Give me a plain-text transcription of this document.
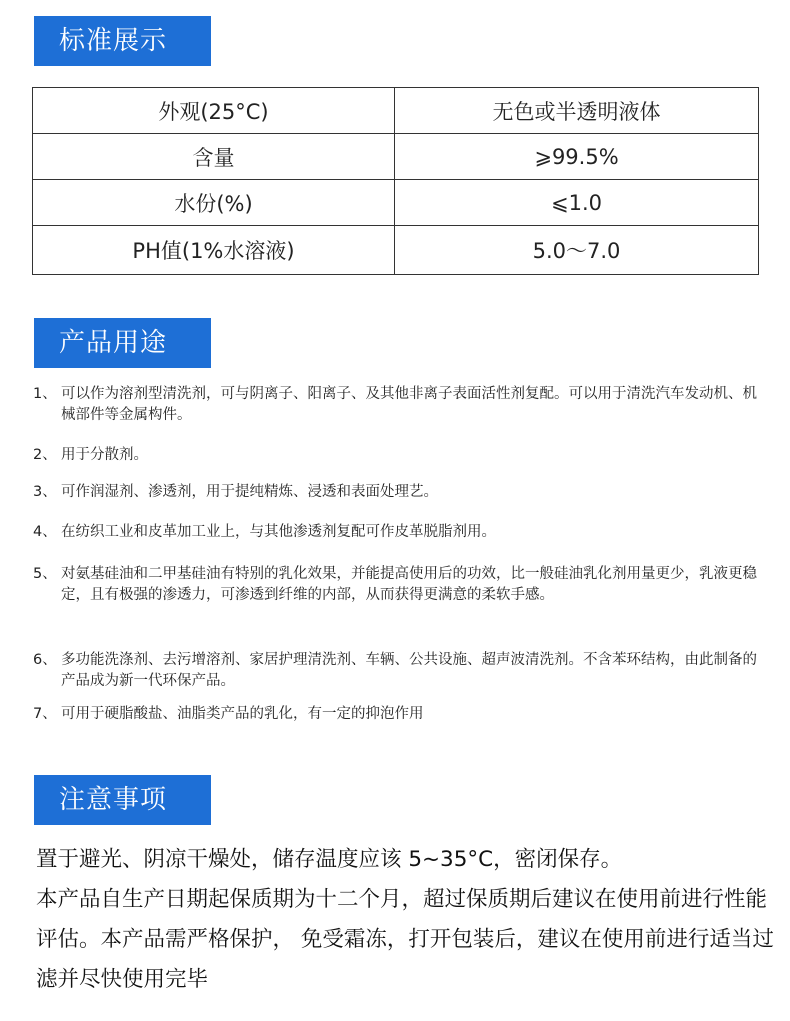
标准展示
外观(25°C)	无色或半透明液体
含量	⩾99.5%
水份(%)	⩽1.0
PH值(1%水溶液)	5.0～7.0
产品用途
1、 可以作为溶剂型清洗剂，可与阴离子、阳离子、及其他非离子表面活性剂复配。可以用于清洗汽车发动机、机械部件等金属构件。
2、 用于分散剂。
3、 可作润湿剂、渗透剂，用于提纯精炼、浸透和表面处理艺。
4、 在纺织工业和皮革加工业上，与其他渗透剂复配可作皮革脱脂剂用。
5、 对氨基硅油和二甲基硅油有特别的乳化效果，并能提高使用后的功效，比一般硅油乳化剂用量更少，乳液更稳定，且有极强的渗透力，可渗透到纤维的内部，从而获得更满意的柔软手感。
6、 多功能洗涤剂、去污增溶剂、家居护理清洗剂、车辆、公共设施、超声波清洗剂。不含苯环结构，由此制备的产品成为新一代环保产品。
7、 可用于硬脂酸盐、油脂类产品的乳化，有一定的抑泡作用
注意事项

置于避光、阴凉干燥处，储存温度应该 5~35°C，密闭保存。

本产品自生产日期起保质期为十二个月，超过保质期后建议在使用前进行性能评估。本产品需严格保护， 免受霜冻，打开包装后，建议在使用前进行适当过滤并尽快使用完毕
